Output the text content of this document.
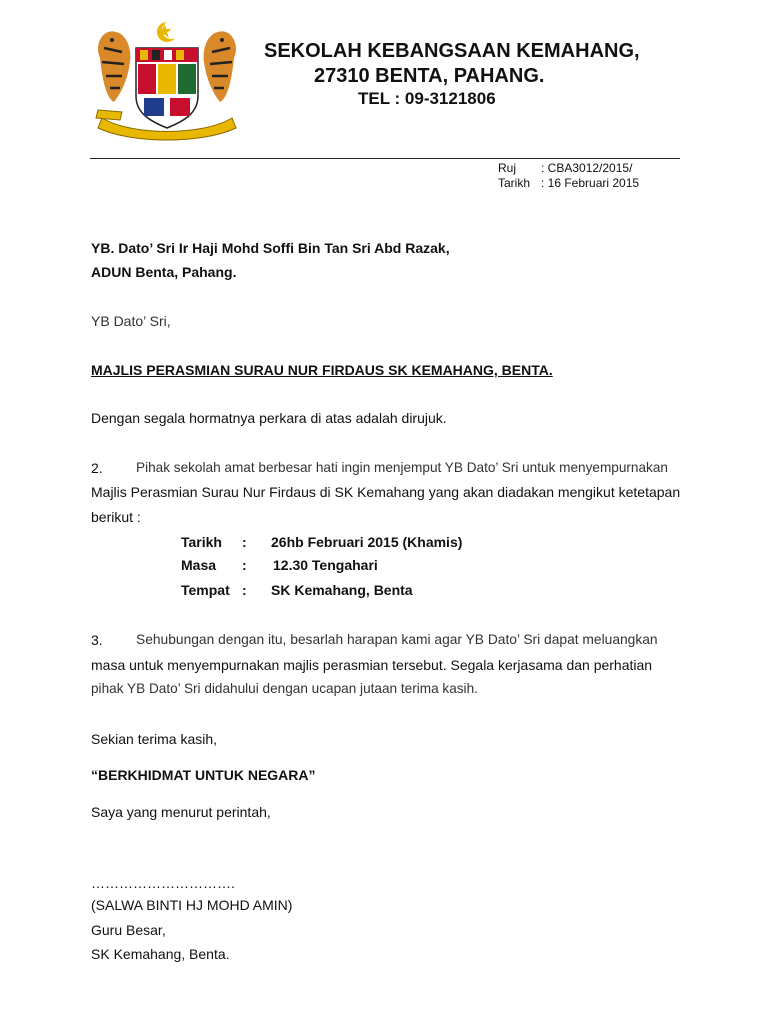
SEKOLAH KEBANGSAAN KEMAHANG,
27310 BENTA, PAHANG.
TEL : 09-3121806
Ruj : CBA3012/2015/
Tarikh : 16 Februari 2015
YB. Dato’ Sri Ir Haji Mohd Soffi Bin Tan Sri Abd Razak,
ADUN Benta, Pahang.
YB Dato’ Sri,
MAJLIS PERASMIAN SURAU NUR FIRDAUS SK KEMAHANG, BENTA.
Dengan segala hormatnya perkara di atas adalah dirujuk.
2. Pihak sekolah amat berbesar hati ingin menjemput YB Dato’ Sri untuk menyempurnakan
Majlis Perasmian Surau Nur Firdaus di SK Kemahang yang akan diadakan mengikut ketetapan
berikut :
Tarikh : 26hb Februari 2015 (Khamis)
Masa : 12.30 Tengahari
Tempat : SK Kemahang, Benta
3. Sehubungan dengan itu, besarlah harapan kami agar YB Dato’ Sri dapat meluangkan
masa untuk menyempurnakan majlis perasmian tersebut. Segala kerjasama dan perhatian
pihak YB Dato’ Sri didahului dengan ucapan jutaan terima kasih.
Sekian terima kasih,
“BERKHIDMAT UNTUK NEGARA”
Saya yang menurut perintah,
………………………….
(SALWA BINTI HJ MOHD AMIN)
Guru Besar,
SK Kemahang, Benta.
